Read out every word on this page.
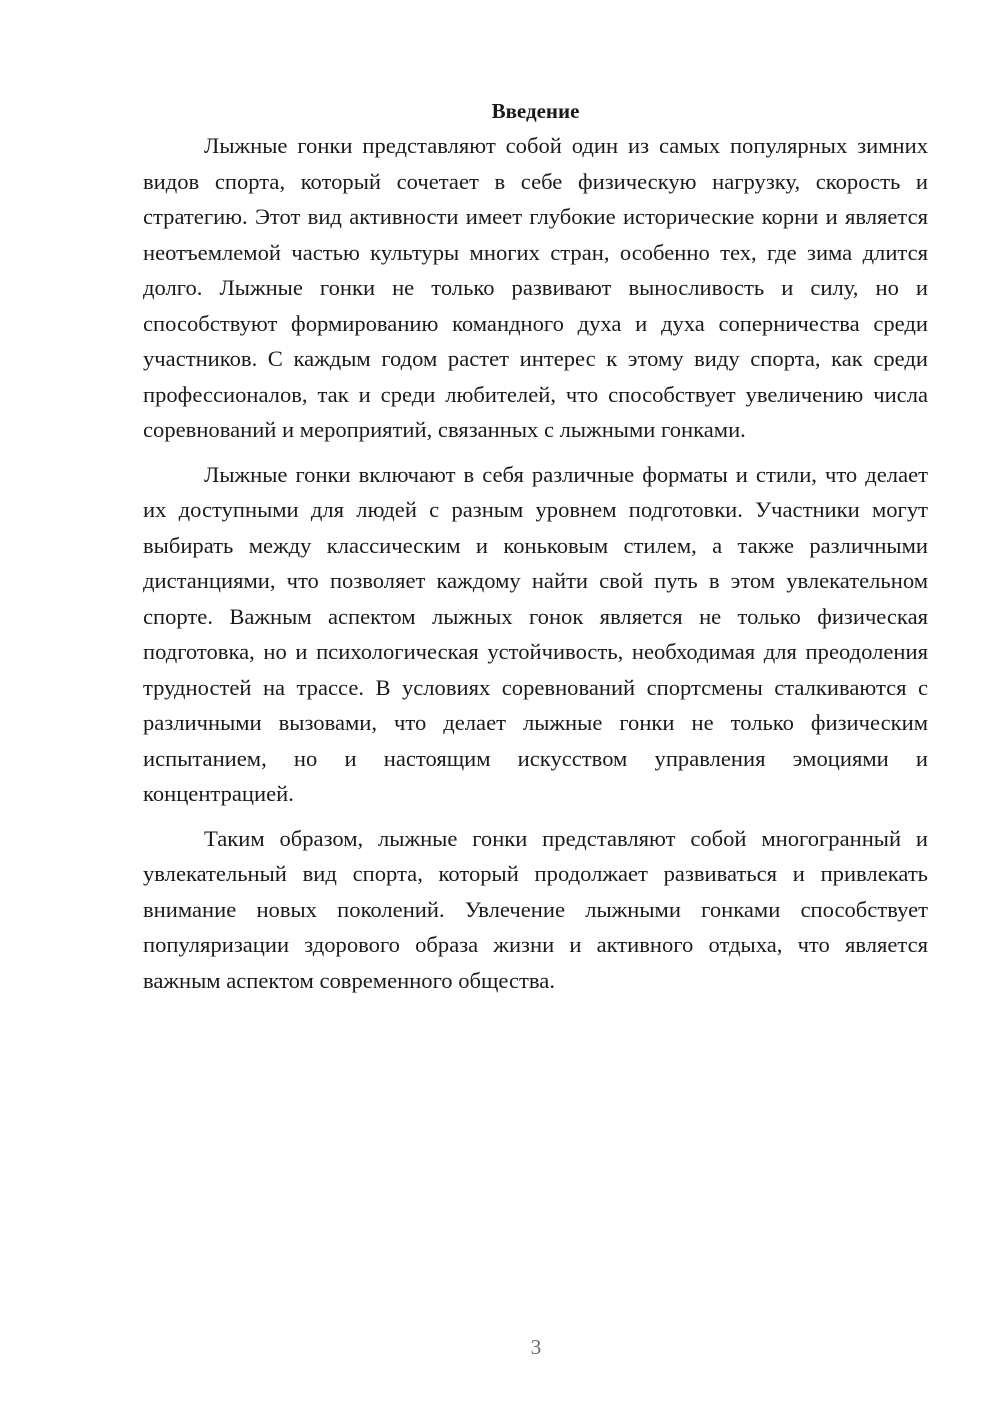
Введение

Лыжные гонки представляют собой один из самых популярных зимних видов спорта, который сочетает в себе физическую нагрузку, скорость и стратегию. Этот вид активности имеет глубокие исторические корни и является неотъемлемой частью культуры многих стран, особенно тех, где зима длится долго. Лыжные гонки не только развивают выносливость и силу, но и способствуют формированию командного духа и духа соперничества среди участников. С каждым годом растет интерес к этому виду спорта, как среди профессионалов, так и среди любителей, что способствует увеличению числа соревнований и мероприятий, связанных с лыжными гонками.

Лыжные гонки включают в себя различные форматы и стили, что делает их доступными для людей с разным уровнем подготовки. Участники могут выбирать между классическим и коньковым стилем, а также различными дистанциями, что позволяет каждому найти свой путь в этом увлекательном спорте. Важным аспектом лыжных гонок является не только физическая подготовка, но и психологическая устойчивость, необходимая для преодоления трудностей на трассе. В условиях соревнований спортсмены сталкиваются с различными вызовами, что делает лыжные гонки не только физическим испытанием, но и настоящим искусством управления эмоциями и концентрацией.

Таким образом, лыжные гонки представляют собой многогранный и увлекательный вид спорта, который продолжает развиваться и привлекать внимание новых поколений. Увлечение лыжными гонками способствует популяризации здорового образа жизни и активного отдыха, что является важным аспектом современного общества.

3
